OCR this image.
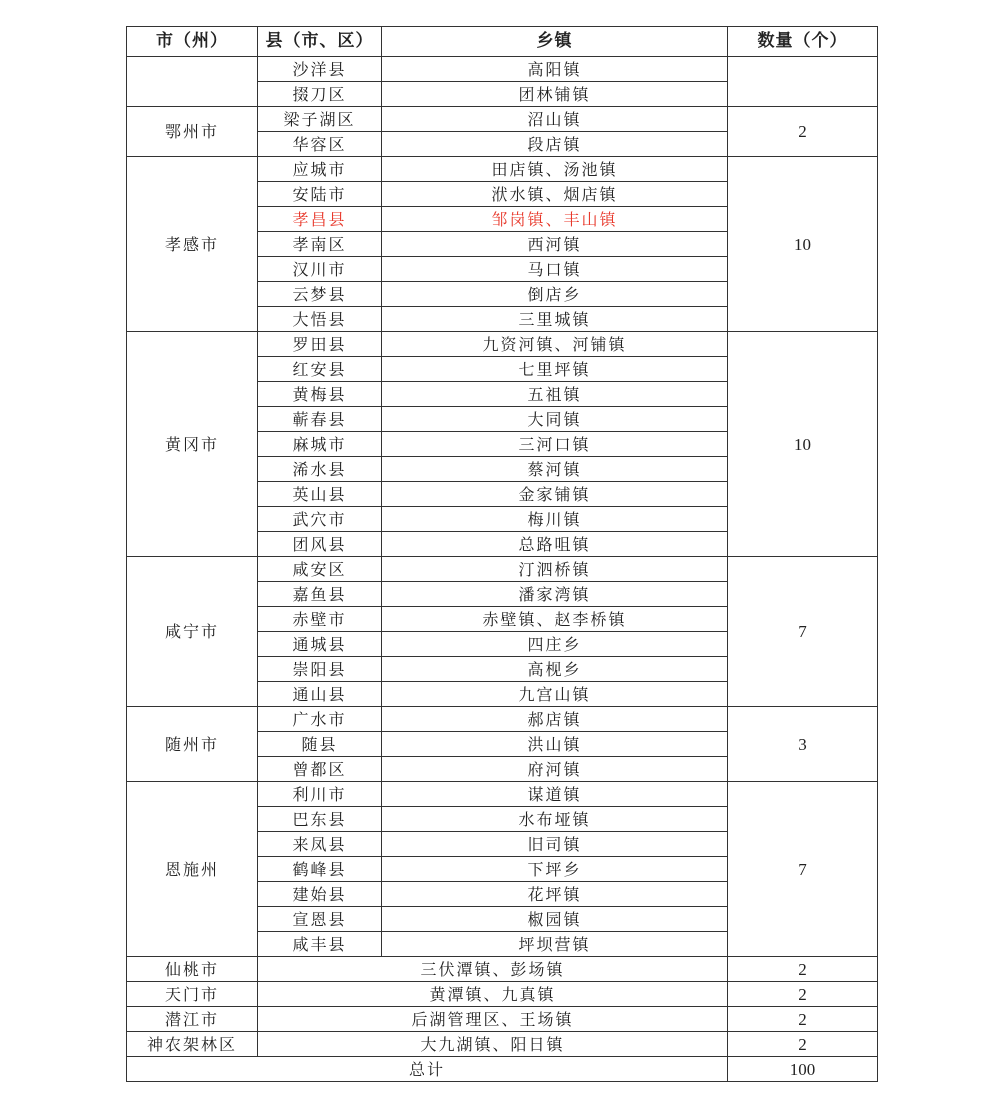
市（州）	县（市、区）	乡镇	数量（个）
	沙洋县	高阳镇	
	掇刀区	团林铺镇	
鄂州市	梁子湖区	沼山镇	2
	华容区	段店镇	
孝感市	应城市	田店镇、汤池镇	10
	安陆市	洑水镇、烟店镇	
	孝昌县	邹岗镇、丰山镇	
	孝南区	西河镇	
	汉川市	马口镇	
	云梦县	倒店乡	
	大悟县	三里城镇	
黄冈市	罗田县	九资河镇、河铺镇	10
	红安县	七里坪镇	
	黄梅县	五祖镇	
	蕲春县	大同镇	
	麻城市	三河口镇	
	浠水县	蔡河镇	
	英山县	金家铺镇	
	武穴市	梅川镇	
	团风县	总路咀镇	
咸宁市	咸安区	汀泗桥镇	7
	嘉鱼县	潘家湾镇	
	赤壁市	赤壁镇、赵李桥镇	
	通城县	四庄乡	
	崇阳县	高枧乡	
	通山县	九宫山镇	
随州市	广水市	郝店镇	3
	随县	洪山镇	
	曾都区	府河镇	
恩施州	利川市	谋道镇	7
	巴东县	水布垭镇	
	来凤县	旧司镇	
	鹤峰县	下坪乡	
	建始县	花坪镇	
	宣恩县	椒园镇	
	咸丰县	坪坝营镇	
仙桃市	三伏潭镇、彭场镇		2
天门市	黄潭镇、九真镇		2
潜江市	后湖管理区、王场镇		2
神农架林区	大九湖镇、阳日镇		2
总计			100
